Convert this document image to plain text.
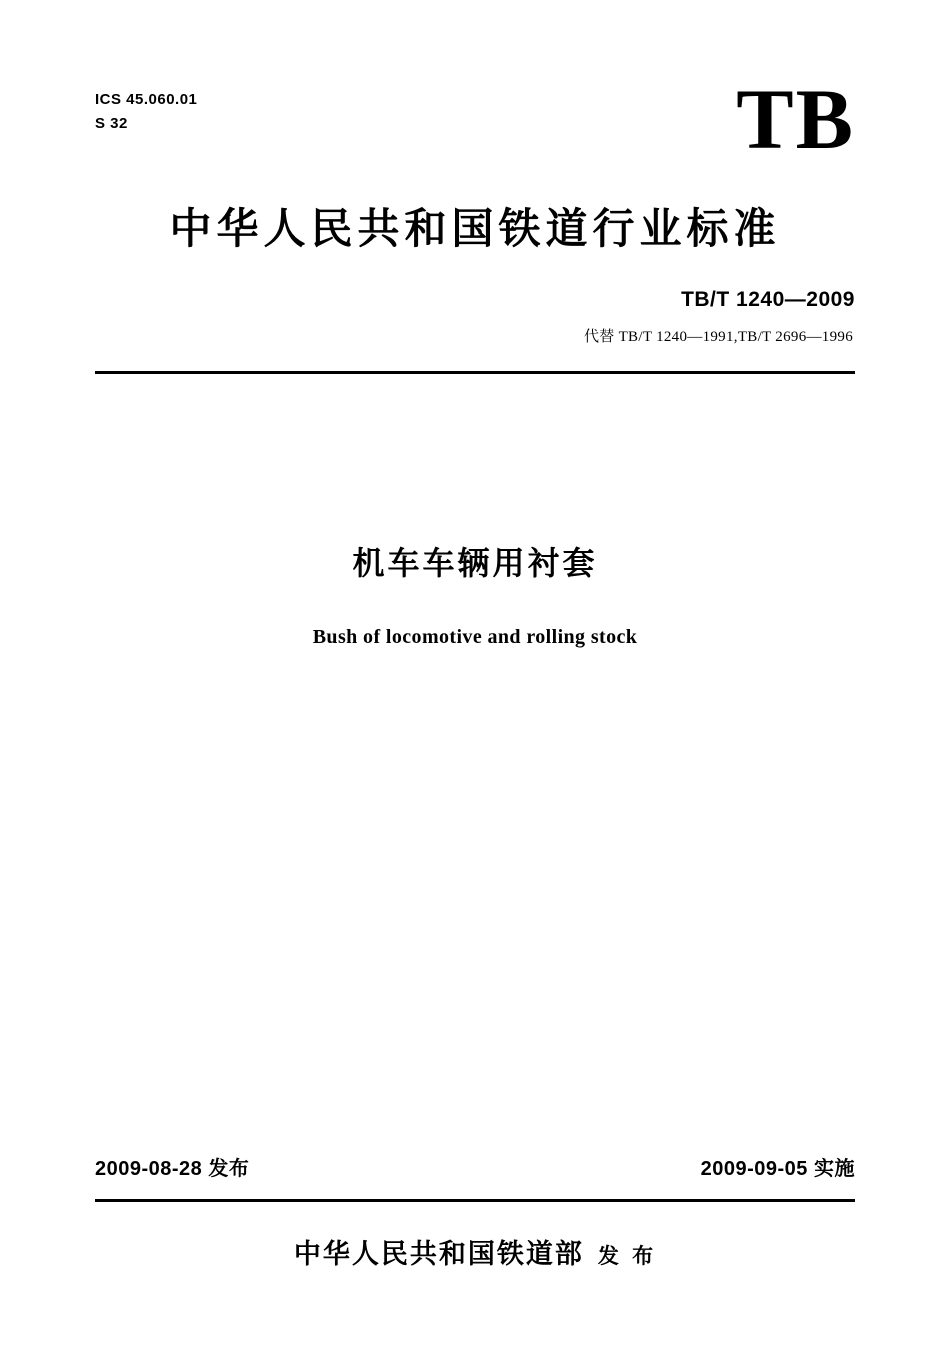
ICS 45.060.01
S 32	TB
中华人民共和国铁道行业标准
TB/T 1240—2009
代替 TB/T 1240—1991,TB/T 2696—1996
机车车辆用衬套
Bush of locomotive and rolling stock
2009-08-28 发布	2009-09-05 实施
中华人民共和国铁道部 发 布
